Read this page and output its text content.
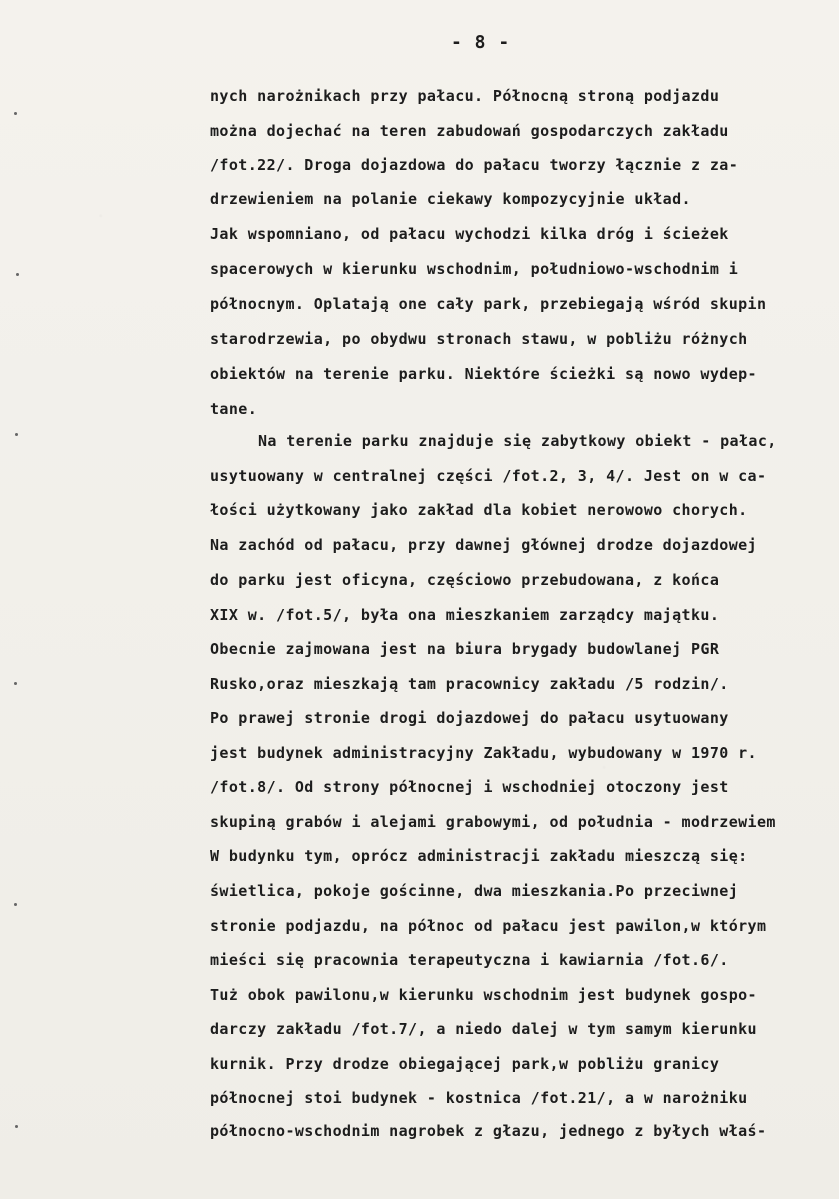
- 8 -
nych narożnikach przy pałacu. Północną stroną podjazdu
można dojechać na teren zabudowań gospodarczych zakładu
/fot.22/. Droga dojazdowa do pałacu tworzy łącznie z za-
drzewieniem na polanie ciekawy kompozycyjnie układ.
Jak wspomniano, od pałacu wychodzi kilka dróg i ścieżek
spacerowych w kierunku wschodnim, południowo-wschodnim i
północnym. Oplatają one cały park, przebiegają wśród skupin
starodrzewia, po obydwu stronach stawu, w pobliżu różnych
obiektów na terenie parku. Niektóre ścieżki są nowo wydep-
tane.
Na terenie parku znajduje się zabytkowy obiekt - pałac,
usytuowany w centralnej części /fot.2, 3, 4/. Jest on w ca-
łości użytkowany jako zakład dla kobiet nerowowo chorych.
Na zachód od pałacu, przy dawnej głównej drodze dojazdowej
do parku jest oficyna, częściowo przebudowana, z końca
XIX w. /fot.5/, była ona mieszkaniem zarządcy majątku.
Obecnie zajmowana jest na biura brygady budowlanej PGR
Rusko,oraz mieszkają tam pracownicy zakładu /5 rodzin/.
Po prawej stronie drogi dojazdowej do pałacu usytuowany
jest budynek administracyjny Zakładu, wybudowany w 1970 r.
/fot.8/. Od strony północnej i wschodniej otoczony jest
skupiną grabów i alejami grabowymi, od południa - modrzewiem
W budynku tym, oprócz administracji zakładu mieszczą się:
świetlica, pokoje gościnne, dwa mieszkania.Po przeciwnej
stronie podjazdu, na północ od pałacu jest pawilon,w którym
mieści się pracownia terapeutyczna i kawiarnia /fot.6/.
Tuż obok pawilonu,w kierunku wschodnim jest budynek gospo-
darczy zakładu /fot.7/, a niedo dalej w tym samym kierunku
kurnik. Przy drodze obiegającej park,w pobliżu granicy
północnej stoi budynek - kostnica /fot.21/, a w narożniku
północno-wschodnim nagrobek z głazu, jednego z byłych właś-
